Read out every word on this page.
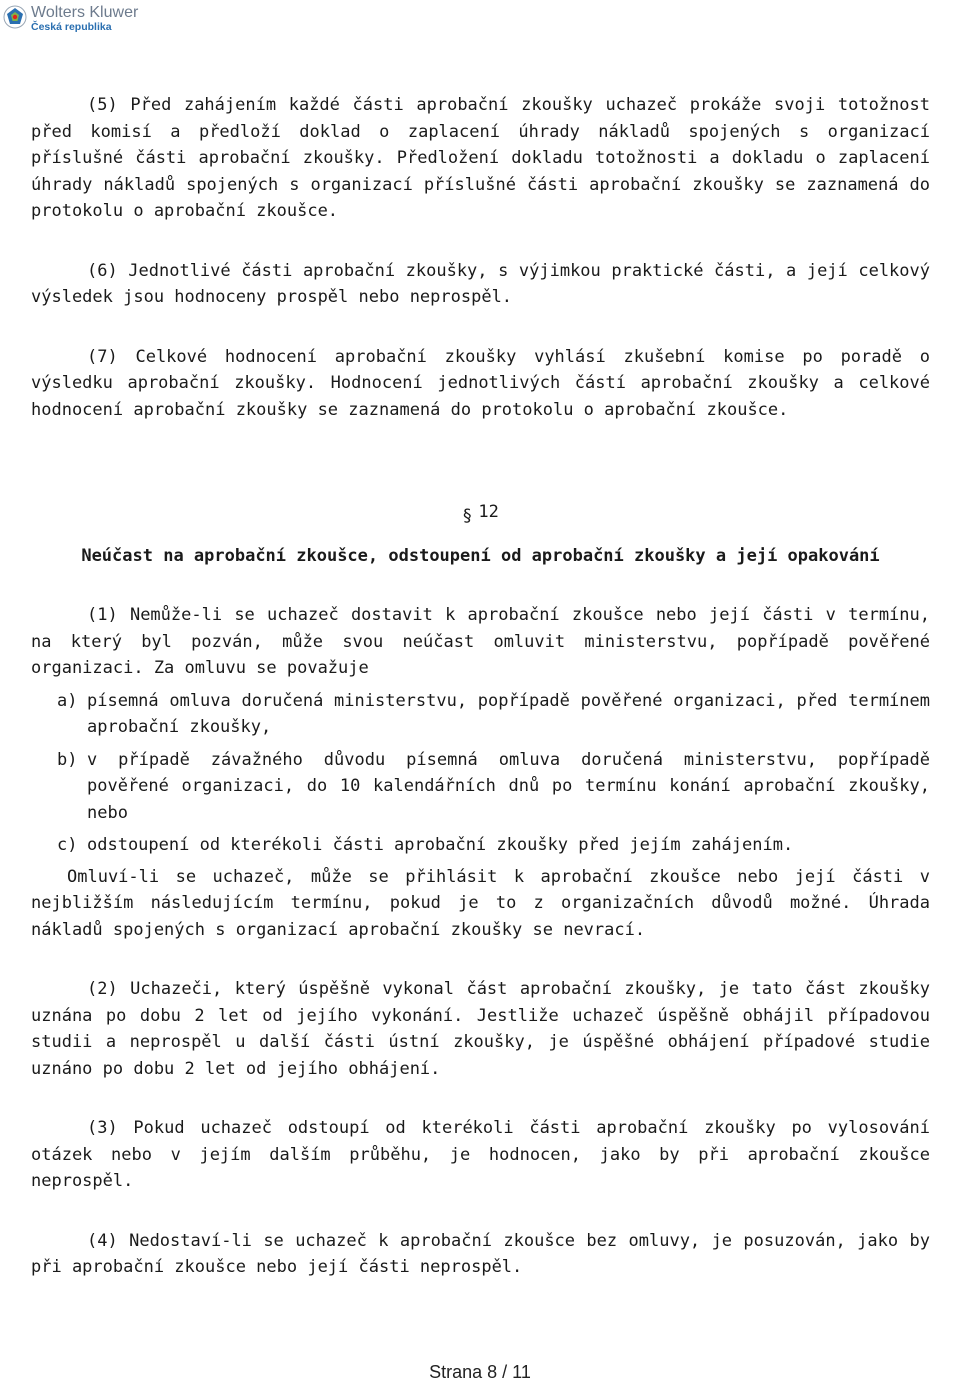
Wolters Kluwer
Česká republika

(5) Před zahájením každé části aprobační zkoušky uchazeč prokáže svoji totožnost před komisí a předloží doklad o zaplacení úhrady nákladů spojených s organizací příslušné části aprobační zkoušky. Předložení dokladu totožnosti a dokladu o zaplacení úhrady nákladů spojených s organizací příslušné části aprobační zkoušky se zaznamená do protokolu o aprobační zkoušce.

(6) Jednotlivé části aprobační zkoušky, s výjimkou praktické části, a její celkový výsledek jsou hodnoceny prospěl nebo neprospěl.

(7) Celkové hodnocení aprobační zkoušky vyhlásí zkušební komise po poradě o výsledku aprobační zkoušky. Hodnocení jednotlivých částí aprobační zkoušky a celkové hodnocení aprobační zkoušky se zaznamená do protokolu o aprobační zkoušce.

§ 12
Neúčast na aprobační zkoušce, odstoupení od aprobační zkoušky a její opakování

(1) Nemůže-li se uchazeč dostavit k aprobační zkoušce nebo její části v termínu, na který byl pozván, může svou neúčast omluvit ministerstvu, popřípadě pověřené organizaci. Za omluvu se považuje

a) písemná omluva doručená ministerstvu, popřípadě pověřené organizaci, před termínem aprobační zkoušky,
b) v případě závažného důvodu písemná omluva doručená ministerstvu, popřípadě pověřené organizaci, do 10 kalendářních dnů po termínu konání aprobační zkoušky, nebo
c) odstoupení od kterékoli části aprobační zkoušky před jejím zahájením.

Omluví-li se uchazeč, může se přihlásit k aprobační zkoušce nebo její části v nejbližším následujícím termínu, pokud je to z organizačních důvodů možné. Úhrada nákladů spojených s organizací aprobační zkoušky se nevrací.

(2) Uchazeči, který úspěšně vykonal část aprobační zkoušky, je tato část zkoušky uznána po dobu 2 let od jejího vykonání. Jestliže uchazeč úspěšně obhájil případovou studii a neprospěl u další části ústní zkoušky, je úspěšné obhájení případové studie uznáno po dobu 2 let od jejího obhájení.

(3) Pokud uchazeč odstoupí od kterékoli části aprobační zkoušky po vylosování otázek nebo v jejím dalším průběhu, je hodnocen, jako by při aprobační zkoušce neprospěl.

(4) Nedostaví-li se uchazeč k aprobační zkoušce bez omluvy, je posuzován, jako by při aprobační zkoušce nebo její části neprospěl.

Strana 8 / 11
